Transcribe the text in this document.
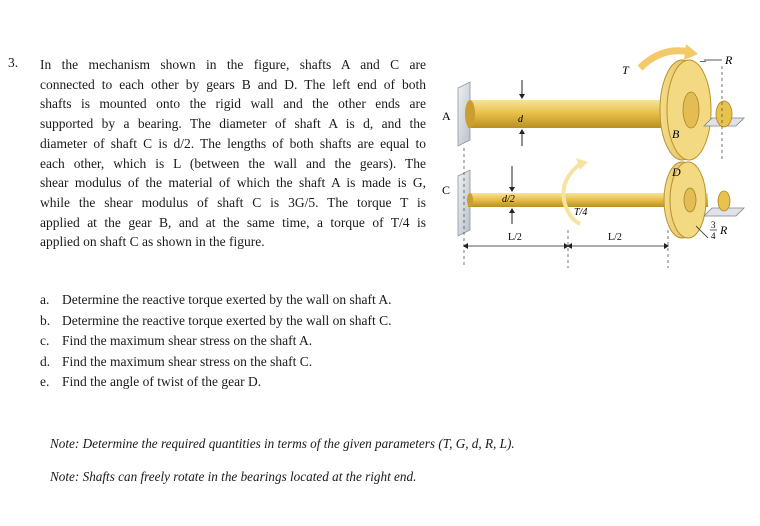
3. In the mechanism shown in the figure, shafts A and C are
connected to each other by gears B and D. The left end of both
shafts is mounted onto the rigid wall and the other ends are
supported by a bearing. The diameter of shaft A is d, and the
diameter of shaft C is d/2. The lengths of both shafts are equal to
each other, which is L (between the wall and the gears). The
shear modulus of the material of which the shaft A is made is G,
while the shear modulus of shaft C is 3G/5. The torque T is
applied at the gear B, and at the same time, a torque of T/4 is
applied on shaft C as shown in the figure.
A
C
B
D
T
– R
d
d/2
T/4
L/2	L/2
3
4 R
a. Determine the reactive torque exerted by the wall on shaft A.
b. Determine the reactive torque exerted by the wall on shaft C.
c. Find the maximum shear stress on the shaft A.
d. Find the maximum shear stress on the shaft C.
e. Find the angle of twist of the gear D.
Note: Determine the required quantities in terms of the given parameters (T, G, d, R, L).
Note: Shafts can freely rotate in the bearings located at the right end.
